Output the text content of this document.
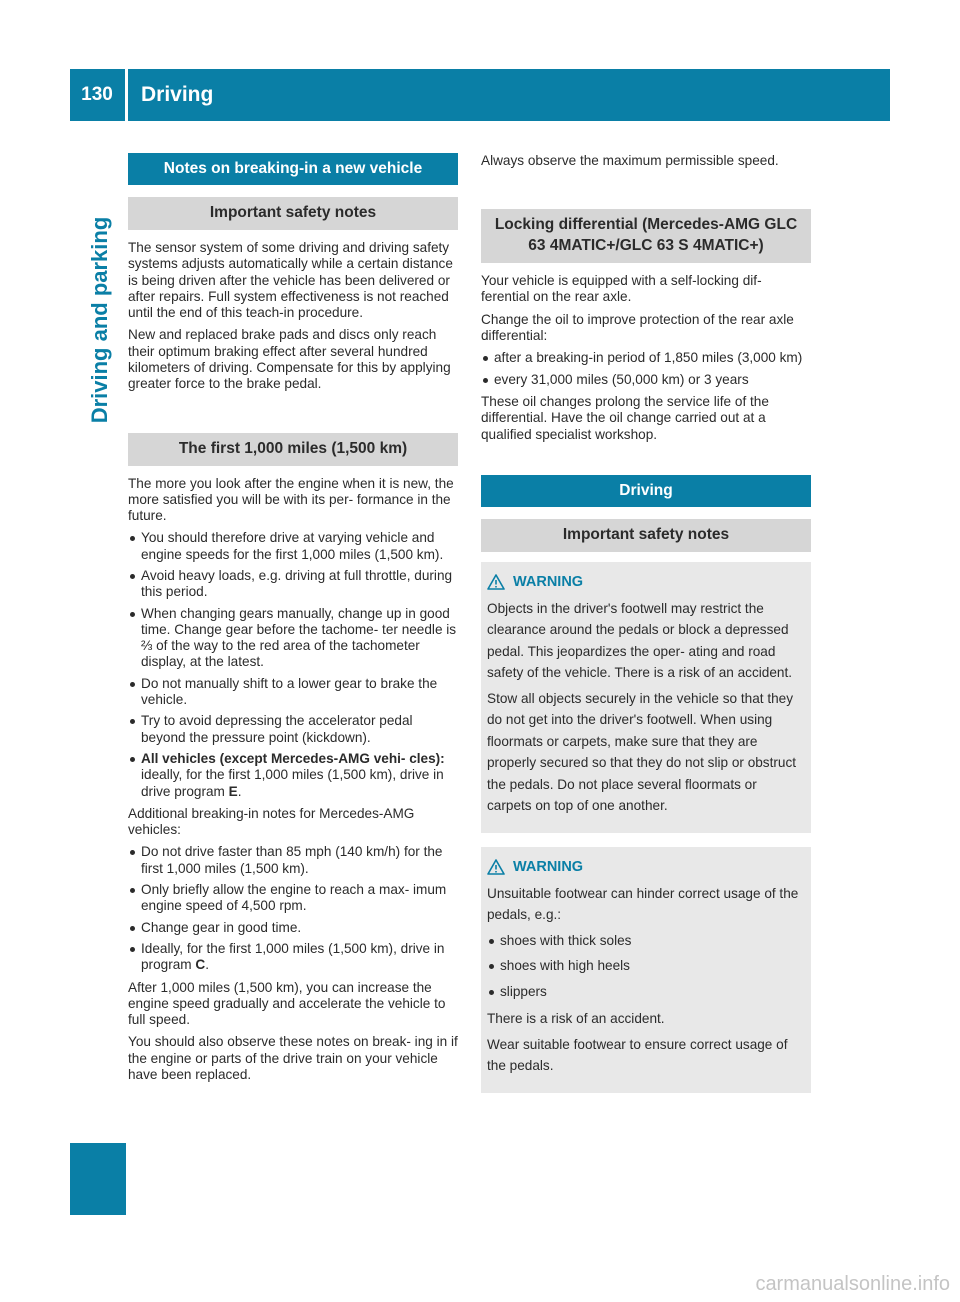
130	Driving
Driving and parking
Notes on breaking-in a new vehicle
Important safety notes

The sensor system of some driving and driving safety systems adjusts automatically while a certain distance is being driven after the vehicle has been delivered or after repairs. Full system effectiveness is not reached until the end of this teach-in procedure.

New and replaced brake pads and discs only reach their optimum braking effect after several hundred kilometers of driving. Compensate for this by applying greater force to the brake pedal.

The first 1,000 miles (1,500 km)

The more you look after the engine when it is new, the more satisfied you will be with its per- formance in the future.

You should therefore drive at varying vehicle and engine speeds for the first 1,000 miles (1,500 km).
Avoid heavy loads, e.g. driving at full throttle, during this period.
When changing gears manually, change up in good time. Change gear before the tachome- ter needle is ⅔ of the way to the red area of the tachometer display, at the latest.
Do not manually shift to a lower gear to brake the vehicle.
Try to avoid depressing the accelerator pedal beyond the pressure point (kickdown).
All vehicles (except Mercedes-AMG vehi- cles): ideally, for the first 1,000 miles (1,500 km), drive in drive program E.

Additional breaking-in notes for Mercedes-AMG vehicles:

Do not drive faster than 85 mph (140 km/h) for the first 1,000 miles (1,500 km).
Only briefly allow the engine to reach a max- imum engine speed of 4,500 rpm.
Change gear in good time.
Ideally, for the first 1,000 miles (1,500 km), drive in program C.

After 1,000 miles (1,500 km), you can increase the engine speed gradually and accelerate the vehicle to full speed.

You should also observe these notes on break- ing in if the engine or parts of the drive train on your vehicle have been replaced.

Always observe the maximum permissible speed.

Locking differential (Mercedes-AMG GLC 63 4MATIC+/GLC 63 S 4MATIC+)

Your vehicle is equipped with a self-locking dif- ferential on the rear axle.

Change the oil to improve protection of the rear axle differential:

after a breaking-in period of 1,850 miles (3,000 km)
every 31,000 miles (50,000 km) or 3 years

These oil changes prolong the service life of the differential. Have the oil change carried out at a qualified specialist workshop.

Driving
Important safety notes
WARNING

Objects in the driver's footwell may restrict the clearance around the pedals or block a depressed pedal. This jeopardizes the oper- ating and road safety of the vehicle. There is a risk of an accident.

Stow all objects securely in the vehicle so that they do not get into the driver's footwell. When using floormats or carpets, make sure that they are properly secured so that they do not slip or obstruct the pedals. Do not place several floormats or carpets on top of one another.

WARNING

Unsuitable footwear can hinder correct usage of the pedals, e.g.:

shoes with thick soles
shoes with high heels
slippers

There is a risk of an accident.

Wear suitable footwear to ensure correct usage of the pedals.

carmanualsonline.info
